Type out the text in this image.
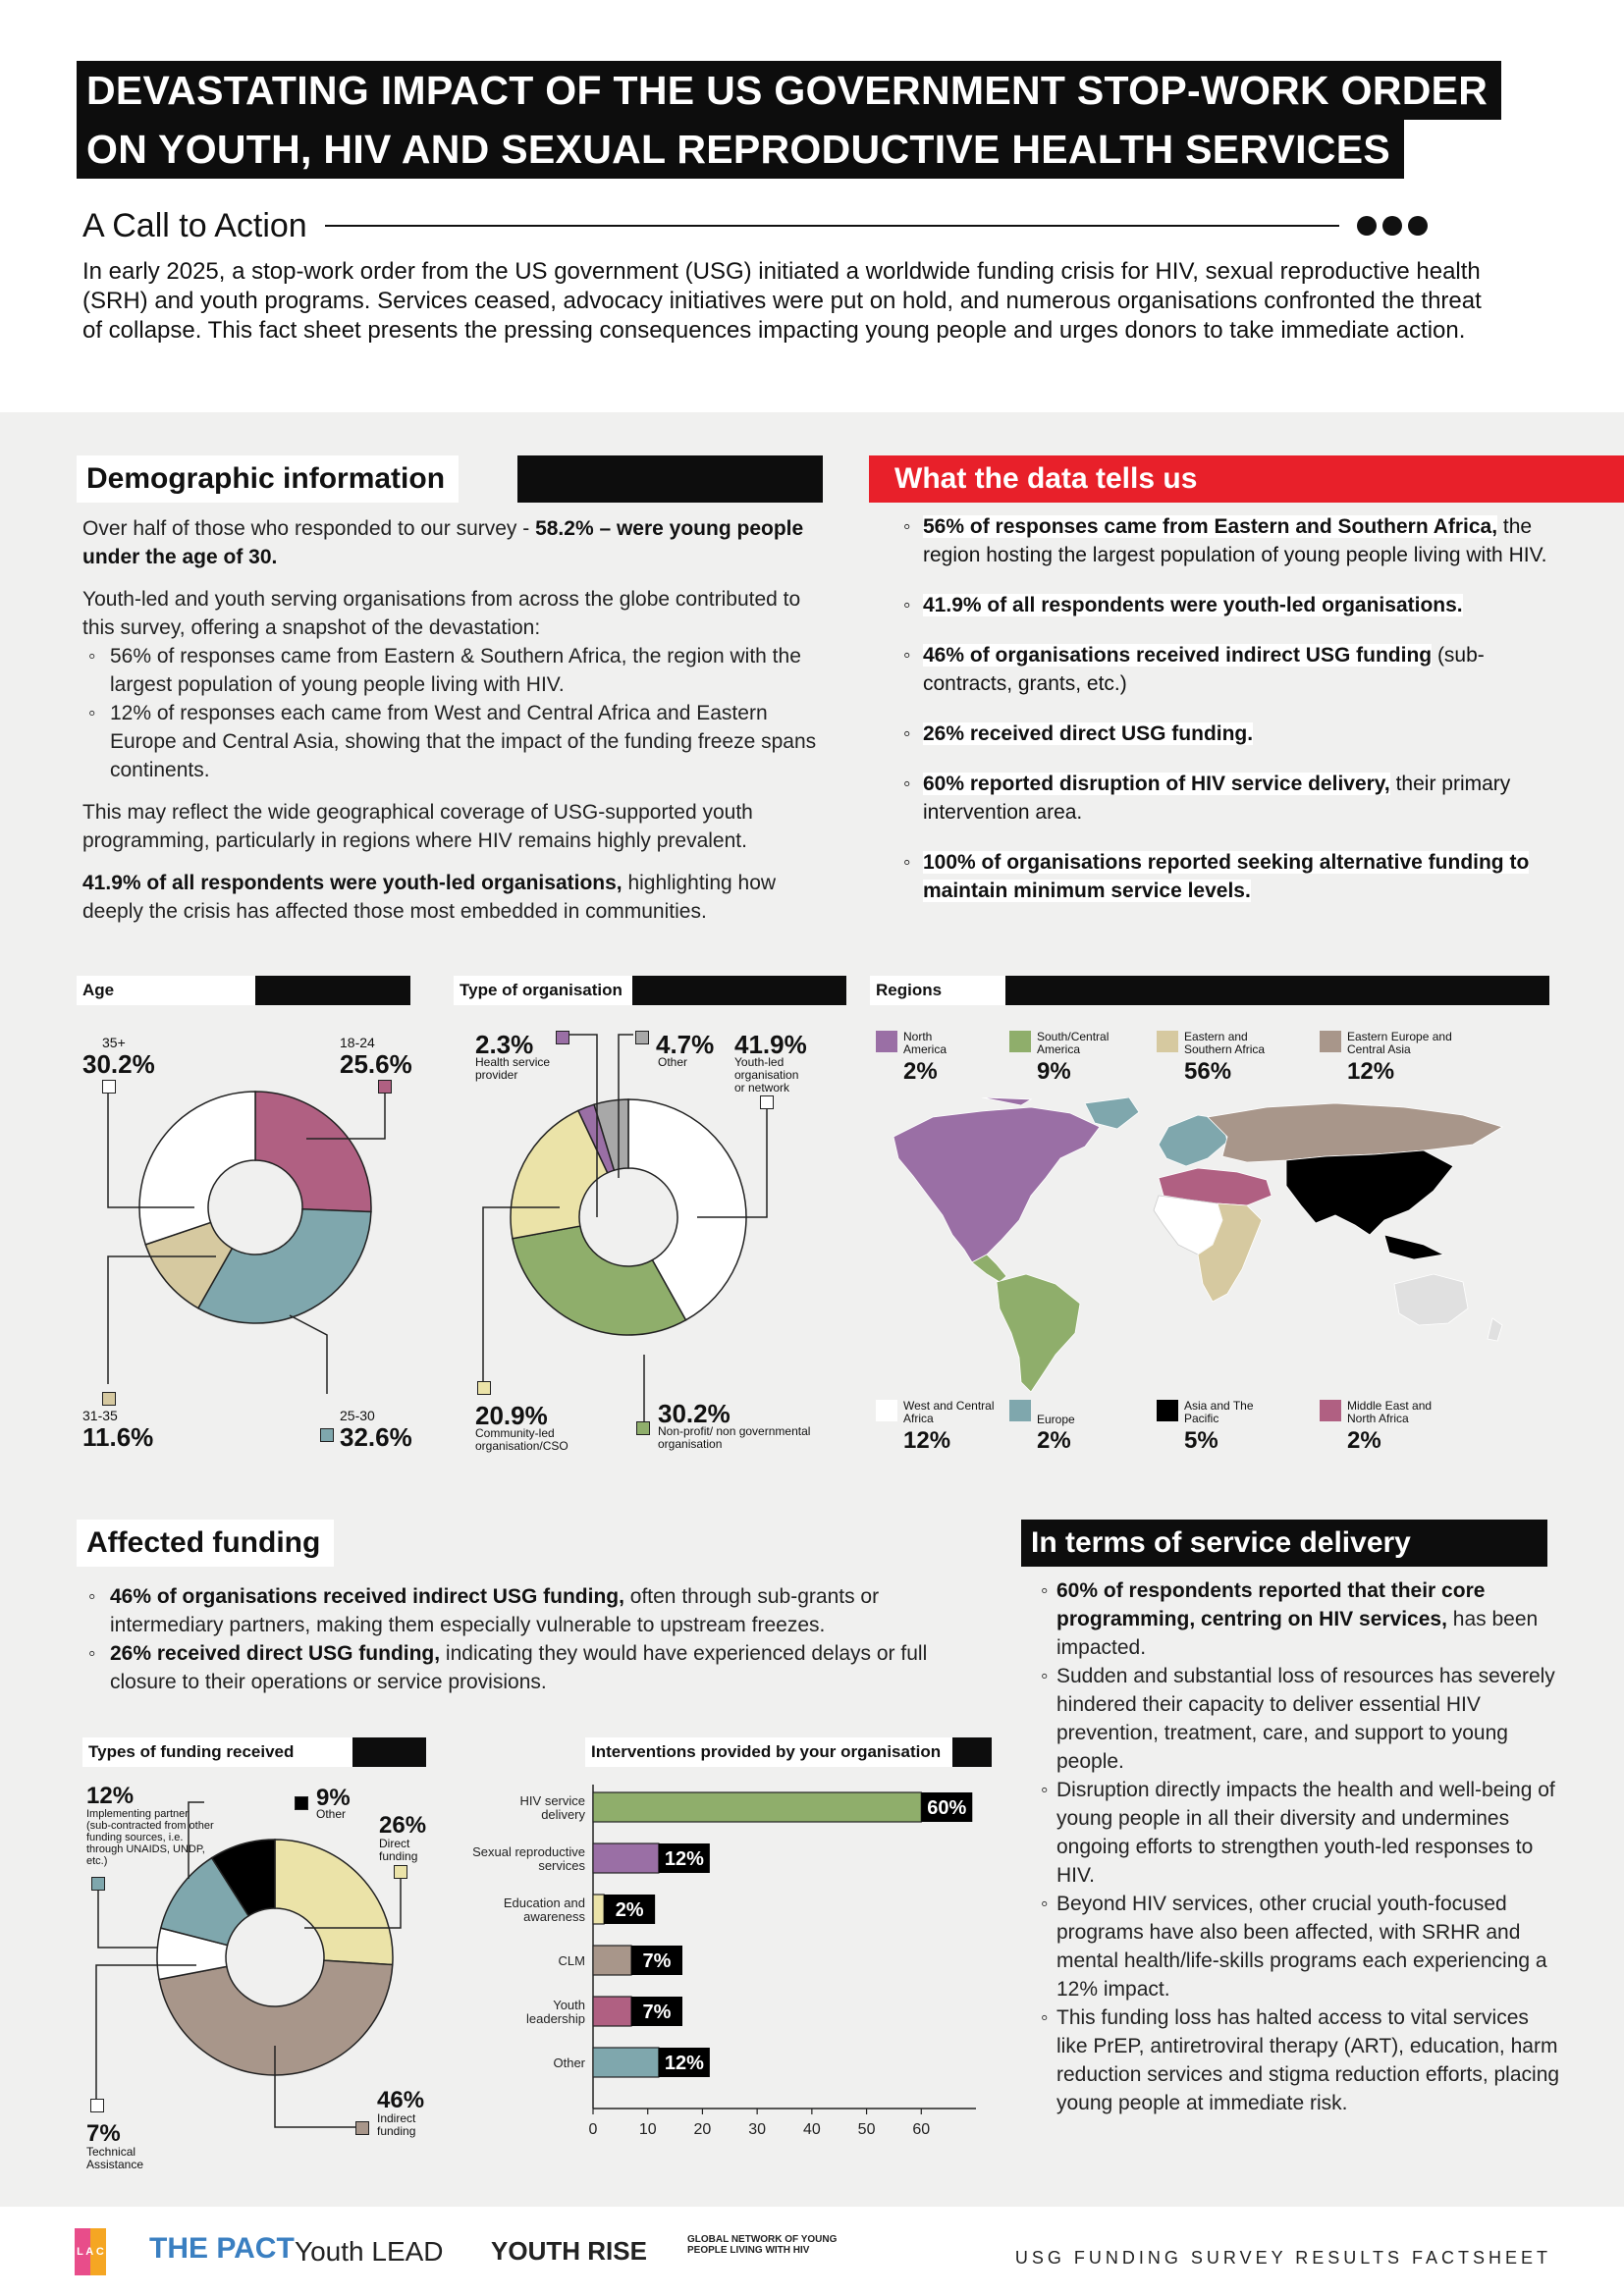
DEVASTATING IMPACT OF THE US GOVERNMENT STOP-WORK ORDER
ON YOUTH, HIV AND SEXUAL REPRODUCTIVE HEALTH SERVICES
A Call to Action

In early 2025, a stop-work order from the US government (USG) initiated a worldwide funding crisis for HIV, sexual reproductive health (SRH) and youth programs. Services ceased, advocacy initiatives were put on hold, and numerous organisations confronted the threat of collapse. This fact sheet presents the pressing consequences impacting young people and urges donors to take immediate action.

Demographic information

Over half of those who responded to our survey - 58.2% – were young people under the age of 30.

Youth-led and youth serving organisations from across the globe contributed to this survey, offering a snapshot of the devastation:

◦ 56% of responses came from Eastern & Southern Africa, the region with the largest population of young people living with HIV.
◦ 12% of responses each came from West and Central Africa and Eastern Europe and Central Asia, showing that the impact of the funding freeze spans continents.

This may reflect the wide geographical coverage of USG-supported youth programming, particularly in regions where HIV remains highly prevalent.

41.9% of all respondents were youth-led organisations, highlighting how deeply the crisis has affected those most embedded in communities.

What the data tells us
◦ 56% of responses came from Eastern and Southern Africa, the region hosting the largest population of young people living with HIV.
◦ 41.9% of all respondents were youth-led organisations.
◦ 46% of organisations received indirect USG funding (sub-contracts, grants, etc.)
◦ 26% received direct USG funding.
◦ 60% reported disruption of HIV service delivery, their primary intervention area.
◦ 100% of organisations reported seeking alternative funding to maintain minimum service levels.
Age
35+
30.2%
18-24
25.6%
31-35
11.6%
25-30
32.6%
Type of organisation
2.3%
Health service provider
4.7%
Other
41.9%
Youth-led organisation or network
20.9%
Community-led organisation/CSO
30.2%
Non-profit/ non governmental organisation
Regions
North America
2%
South/Central America
9%
Eastern and Southern Africa
56%
Eastern Europe and Central Asia
12%
West and Central Africa
12%
Europe
2%
Asia and The Pacific
5%
Middle East and North Africa
2%
Affected funding
◦ 46% of organisations received indirect USG funding, often through sub-grants or intermediary partners, making them especially vulnerable to upstream freezes.
◦ 26% received direct USG funding, indicating they would have experienced delays or full closure to their operations or service provisions.
Types of funding received
12%
Implementing partner (sub-contracted from other funding sources, i.e. through UNAIDS, UNDP, etc.)
9%
Other 26%
Direct funding
7%
Technical Assistance
46%
Indirect funding
Interventions provided by your organisation
0	10 20 30 40 50 60
HIV service
delivery	60%
Sexual reproductive
services	12%
Education and
awareness 2%
CLM	7%
Youth
leadership	7%
Other	12%
In terms of service delivery
◦ 60% of respondents reported that their core programming, centring on HIV services, has been impacted.
◦ Sudden and substantial loss of resources has severely hindered their capacity to deliver essential HIV prevention, treatment, care, and support to young people.
◦ Disruption directly impacts the health and well-being of young people in all their diversity and undermines ongoing efforts to strengthen youth-led responses to HIV.
◦ Beyond HIV services, other crucial youth-focused programs have also been affected, with SRHR and mental health/life-skills programs each experiencing a 12% impact.
◦ This funding loss has halted access to vital services like PrEP, antiretroviral therapy (ART), education, harm reduction services and stigma reduction efforts, placing young people at immediate risk.
L A C THE PACT Youth LEAD YOUTH RISE	GLOBAL NETWORK OF YOUNG PEOPLE LIVING WITH HIV	USG FUNDING SURVEY RESULTS FACTSHEET
